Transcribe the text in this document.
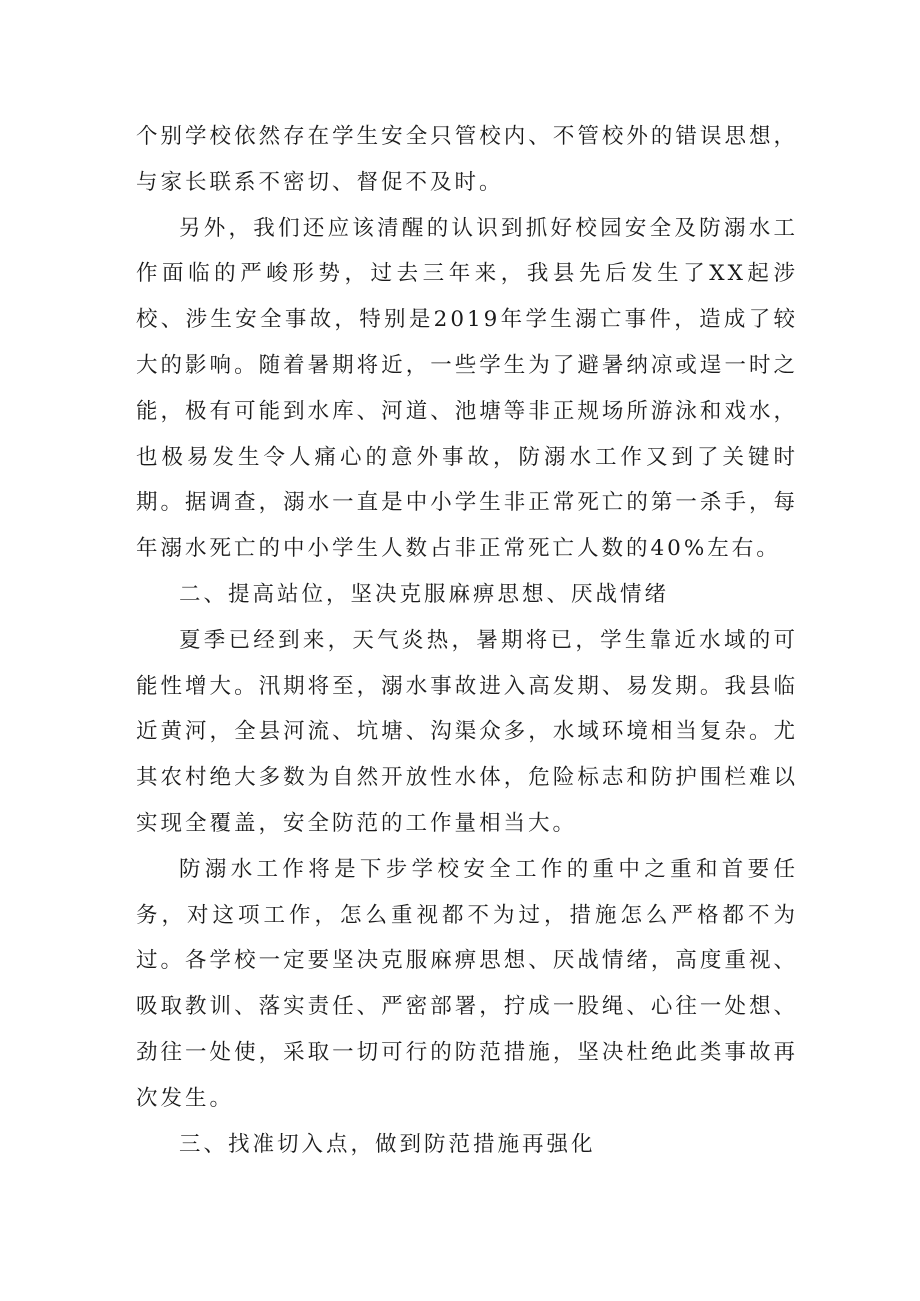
个别学校依然存在学生安全只管校内、不管校外的错误思想，与家长联系不密切、督促不及时。

另外，我们还应该清醒的认识到抓好校园安全及防溺水工作面临的严峻形势，过去三年来，我县先后发生了XX起涉校、涉生安全事故，特别是2019年学生溺亡事件，造成了较大的影响。随着暑期将近，一些学生为了避暑纳凉或逞一时之能，极有可能到水库、河道、池塘等非正规场所游泳和戏水，也极易发生令人痛心的意外事故，防溺水工作又到了关键时期。据调查，溺水一直是中小学生非正常死亡的第一杀手，每年溺水死亡的中小学生人数占非正常死亡人数的40%左右。

二、提高站位，坚决克服麻痹思想、厌战情绪

夏季已经到来，天气炎热，暑期将已，学生靠近水域的可能性增大。汛期将至，溺水事故进入高发期、易发期。我县临近黄河，全县河流、坑塘、沟渠众多，水域环境相当复杂。尤其农村绝大多数为自然开放性水体，危险标志和防护围栏难以实现全覆盖，安全防范的工作量相当大。

防溺水工作将是下步学校安全工作的重中之重和首要任务，对这项工作，怎么重视都不为过，措施怎么严格都不为过。各学校一定要坚决克服麻痹思想、厌战情绪，高度重视、吸取教训、落实责任、严密部署，拧成一股绳、心往一处想、劲往一处使，采取一切可行的防范措施，坚决杜绝此类事故再次发生。

三、找准切入点，做到防范措施再强化
